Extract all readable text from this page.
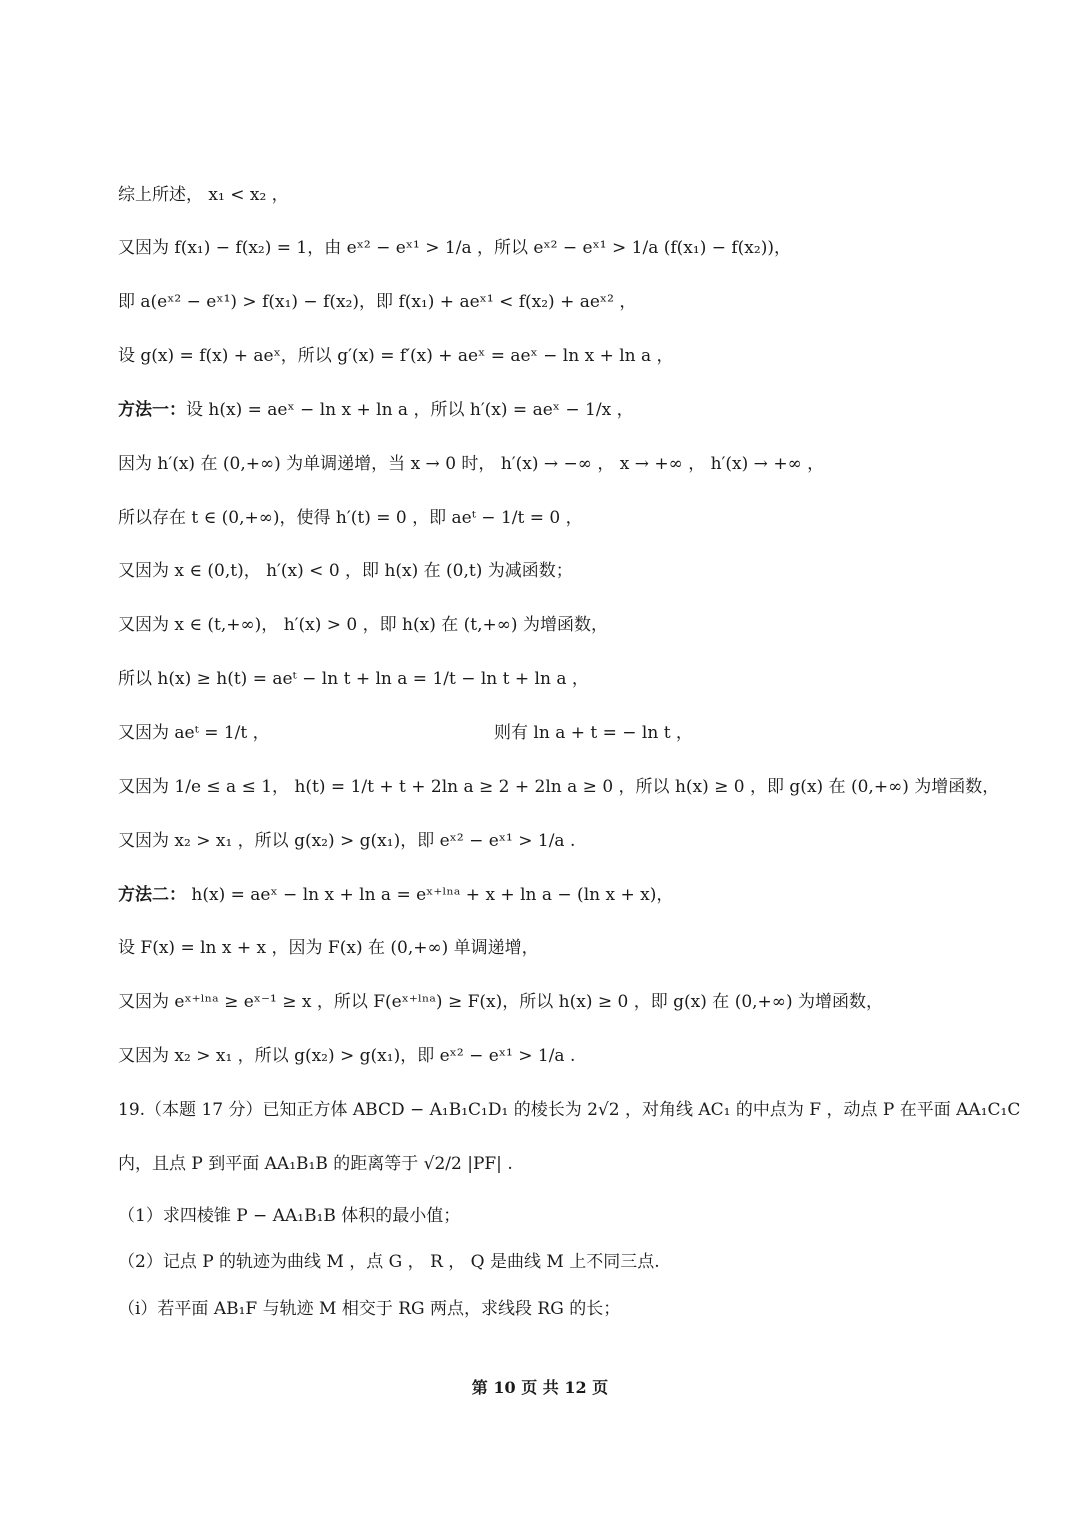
综上所述， x₁ < x₂ ，
又因为 f(x₁) − f(x₂) = 1，由 eˣ² − eˣ¹ > 1/a ，所以 eˣ² − eˣ¹ > 1/a (f(x₁) − f(x₂))，
即 a(eˣ² − eˣ¹) > f(x₁) − f(x₂)，即 f(x₁) + aeˣ¹ < f(x₂) + aeˣ² ，
设 g(x) = f(x) + aeˣ，所以 g′(x) = f′(x) + aeˣ = aeˣ − ln x + ln a ，
方法一：设 h(x) = aeˣ − ln x + ln a ，所以 h′(x) = aeˣ − 1/x ，
因为 h′(x) 在 (0,+∞) 为单调递增，当 x → 0 时， h′(x) → −∞ ， x → +∞ ， h′(x) → +∞ ，
所以存在 t ∈ (0,+∞)，使得 h′(t) = 0 ，即 aeᵗ − 1/t = 0 ，
又因为 x ∈ (0,t)， h′(x) < 0 ，即 h(x) 在 (0,t) 为减函数；
又因为 x ∈ (t,+∞)， h′(x) > 0 ，即 h(x) 在 (t,+∞) 为增函数，
所以 h(x) ≥ h(t) = aeᵗ − ln t + ln a = 1/t − ln t + ln a ，
又因为 aeᵗ = 1/t ，	则有 ln a + t = − ln t ，
又因为 1/e ≤ a ≤ 1， h(t) = 1/t + t + 2ln a ≥ 2 + 2ln a ≥ 0 ，所以 h(x) ≥ 0 ，即 g(x) 在 (0,+∞) 为增函数，
又因为 x₂ > x₁ ，所以 g(x₂) > g(x₁)，即 eˣ² − eˣ¹ > 1/a .
方法二： h(x) = aeˣ − ln x + ln a = eˣ⁺ˡⁿᵃ + x + ln a − (ln x + x)，
设 F(x) = ln x + x ，因为 F(x) 在 (0,+∞) 单调递增，
又因为 eˣ⁺ˡⁿᵃ ≥ eˣ⁻¹ ≥ x ，所以 F(eˣ⁺ˡⁿᵃ) ≥ F(x)，所以 h(x) ≥ 0 ，即 g(x) 在 (0,+∞) 为增函数，
又因为 x₂ > x₁ ，所以 g(x₂) > g(x₁)，即 eˣ² − eˣ¹ > 1/a .
19.（本题 17 分）已知正方体 ABCD − A₁B₁C₁D₁ 的棱长为 2√2 ，对角线 AC₁ 的中点为 F ，动点 P 在平面 AA₁C₁C
内，且点 P 到平面 AA₁B₁B 的距离等于 √2/2 |PF| .
（1）求四棱锥 P − AA₁B₁B 体积的最小值；
（2）记点 P 的轨迹为曲线 M ，点 G ， R ， Q 是曲线 M 上不同三点.
（i）若平面 AB₁F 与轨迹 M 相交于 RG 两点，求线段 RG 的长；
第 10 页 共 12 页
